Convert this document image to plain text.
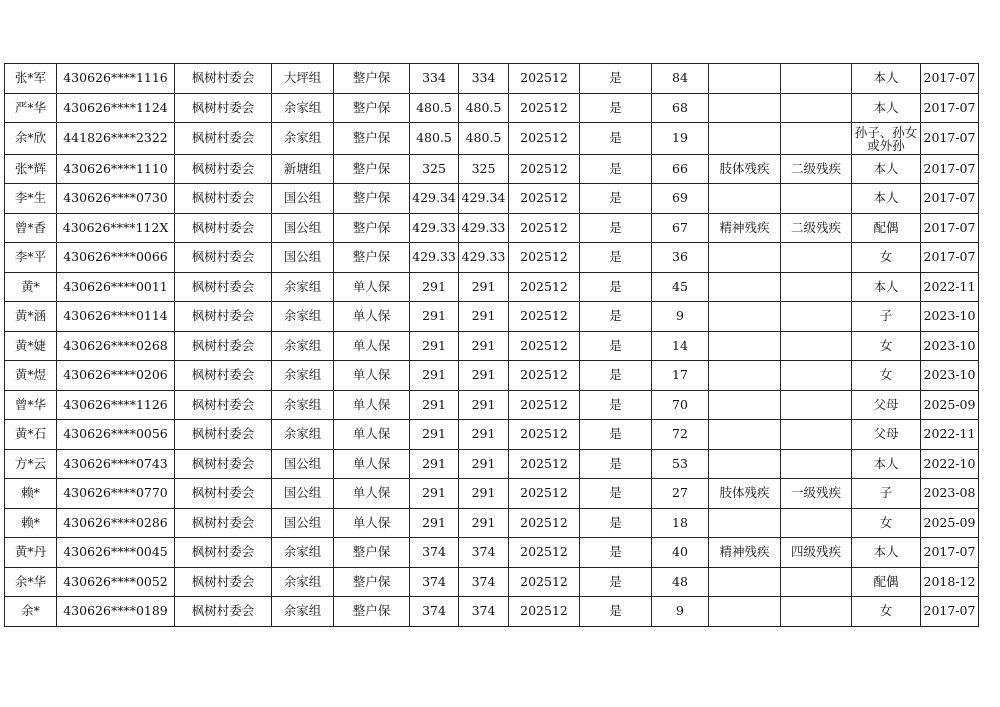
张*军	430626****1116	枫树村委会	大坪组	整户保	334	334	202512	是	84			本人	2017-07
严*华	430626****1124	枫树村委会	余家组	整户保	480.5	480.5	202512	是	68			本人	2017-07
余*欣	441826****2322	枫树村委会	余家组	整户保	480.5	480.5	202512	是	19			孙子、孙女或外孙	2017-07
张*辉	430626****1110	枫树村委会	新塘组	整户保	325	325	202512	是	66	肢体残疾	二级残疾	本人	2017-07
李*生	430626****0730	枫树村委会	国公组	整户保	429.34	429.34	202512	是	69			本人	2017-07
曾*香	430626****112X	枫树村委会	国公组	整户保	429.33	429.33	202512	是	67	精神残疾	二级残疾	配偶	2017-07
李*平	430626****0066	枫树村委会	国公组	整户保	429.33	429.33	202512	是	36			女	2017-07
黄*	430626****0011	枫树村委会	余家组	单人保	291	291	202512	是	45			本人	2022-11
黄*涵	430626****0114	枫树村委会	余家组	单人保	291	291	202512	是	9			子	2023-10
黄*婕	430626****0268	枫树村委会	余家组	单人保	291	291	202512	是	14			女	2023-10
黄*煜	430626****0206	枫树村委会	余家组	单人保	291	291	202512	是	17			女	2023-10
曾*华	430626****1126	枫树村委会	余家组	单人保	291	291	202512	是	70			父母	2025-09
黄*石	430626****0056	枫树村委会	余家组	单人保	291	291	202512	是	72			父母	2022-11
方*云	430626****0743	枫树村委会	国公组	单人保	291	291	202512	是	53			本人	2022-10
赖*	430626****0770	枫树村委会	国公组	单人保	291	291	202512	是	27	肢体残疾	一级残疾	子	2023-08
赖*	430626****0286	枫树村委会	国公组	单人保	291	291	202512	是	18			女	2025-09
黄*丹	430626****0045	枫树村委会	余家组	整户保	374	374	202512	是	40	精神残疾	四级残疾	本人	2017-07
余*华	430626****0052	枫树村委会	余家组	整户保	374	374	202512	是	48			配偶	2018-12
余*	430626****0189	枫树村委会	余家组	整户保	374	374	202512	是	9			女	2017-07
